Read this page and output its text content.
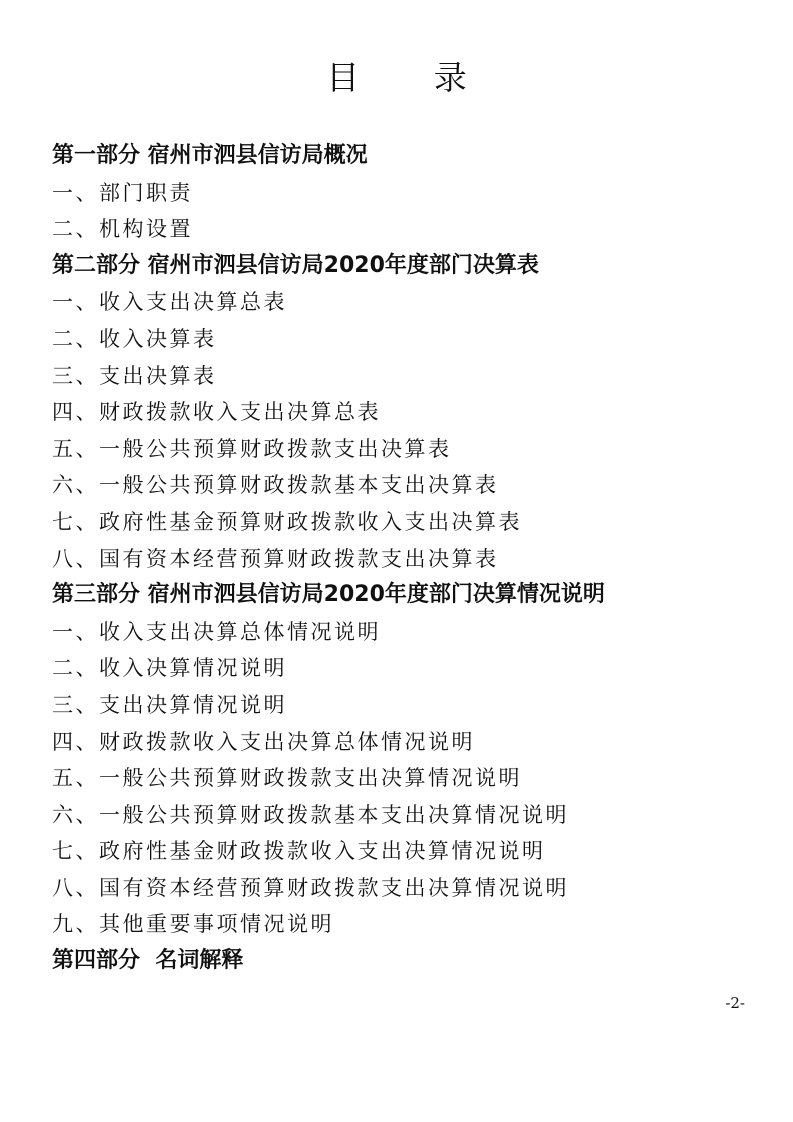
目 录
第一部分 宿州市泗县信访局概况
一、部门职责
二、机构设置
第二部分 宿州市泗县信访局2020年度部门决算表
一、收入支出决算总表
二、收入决算表
三、支出决算表
四、财政拨款收入支出决算总表
五、一般公共预算财政拨款支出决算表
六、一般公共预算财政拨款基本支出决算表
七、政府性基金预算财政拨款收入支出决算表
八、国有资本经营预算财政拨款支出决算表
第三部分 宿州市泗县信访局2020年度部门决算情况说明
一、收入支出决算总体情况说明
二、收入决算情况说明
三、支出决算情况说明
四、财政拨款收入支出决算总体情况说明
五、一般公共预算财政拨款支出决算情况说明
六、一般公共预算财政拨款基本支出决算情况说明
七、政府性基金财政拨款收入支出决算情况说明
八、国有资本经营预算财政拨款支出决算情况说明
九、其他重要事项情况说明
第四部分  名词解释
-2-
